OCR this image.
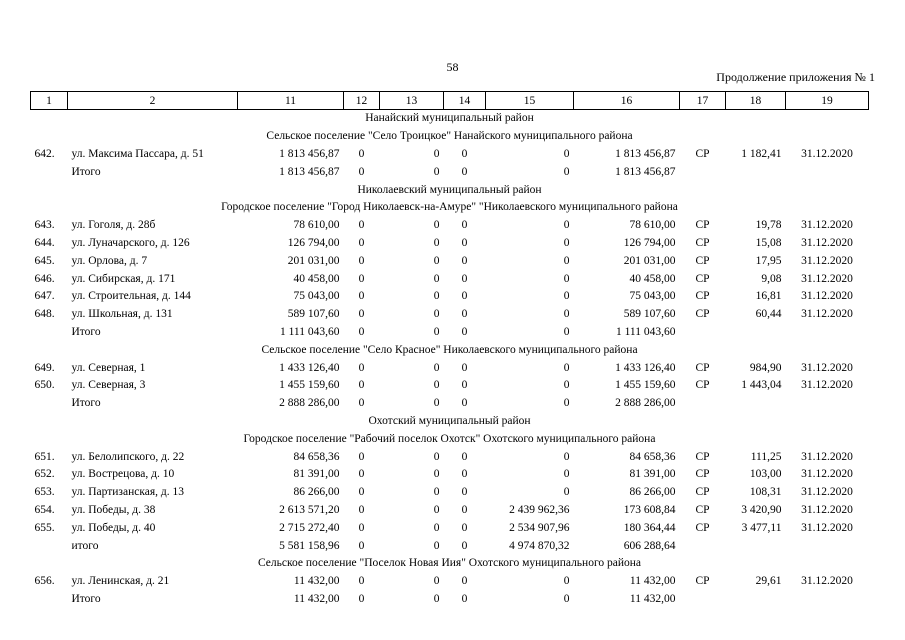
58
Продолжение приложения № 1
1	2	11	12	13	14	15	16	17	18	19
Нанайский муниципальный район										
Сельское поселение "Село Троицкое" Нанайского муниципального района										
642.	ул. Максима Пассара, д. 51	1 813 456,87	0	0	0	0	1 813 456,87	СР	1 182,41	31.12.2020
	Итого	1 813 456,87	0	0	0	0	1 813 456,87			
Николаевский муниципальный район										
Городское поселение "Город Николаевск-на-Амуре" "Николаевского муниципального района										
643.	ул. Гоголя, д. 28б	78 610,00	0	0	0	0	78 610,00	СР	19,78	31.12.2020
644.	ул. Луначарского, д. 126	126 794,00	0	0	0	0	126 794,00	СР	15,08	31.12.2020
645.	ул. Орлова, д. 7	201 031,00	0	0	0	0	201 031,00	СР	17,95	31.12.2020
646.	ул. Сибирская, д. 171	40 458,00	0	0	0	0	40 458,00	СР	9,08	31.12.2020
647.	ул. Строительная, д. 144	75 043,00	0	0	0	0	75 043,00	СР	16,81	31.12.2020
648.	ул. Школьная, д. 131	589 107,60	0	0	0	0	589 107,60	СР	60,44	31.12.2020
	Итого	1 111 043,60	0	0	0	0	1 111 043,60			
Сельское поселение "Село Красное" Николаевского муниципального района										
649.	ул. Северная, 1	1 433 126,40	0	0	0	0	1 433 126,40	СР	984,90	31.12.2020
650.	ул. Северная, 3	1 455 159,60	0	0	0	0	1 455 159,60	СР	1 443,04	31.12.2020
	Итого	2 888 286,00	0	0	0	0	2 888 286,00			
Охотский муниципальный район										
Городское поселение "Рабочий поселок Охотск" Охотского муниципального района										
651.	ул. Белолипского, д. 22	84 658,36	0	0	0	0	84 658,36	СР	111,25	31.12.2020
652.	ул. Вострецова, д. 10	81 391,00	0	0	0	0	81 391,00	СР	103,00	31.12.2020
653.	ул. Партизанская, д. 13	86 266,00	0	0	0	0	86 266,00	СР	108,31	31.12.2020
654.	ул. Победы, д. 38	2 613 571,20	0	0	0	2 439 962,36	173 608,84	СР	3 420,90	31.12.2020
655.	ул. Победы, д. 40	2 715 272,40	0	0	0	2 534 907,96	180 364,44	СР	3 477,11	31.12.2020
	итого	5 581 158,96	0	0	0	4 974 870,32	606 288,64			
Сельское поселение "Поселок Новая Иия" Охотского муниципального района										
656.	ул. Ленинская, д. 21	11 432,00	0	0	0	0	11 432,00	СР	29,61	31.12.2020
	Итого	11 432,00	0	0	0	0	11 432,00			
